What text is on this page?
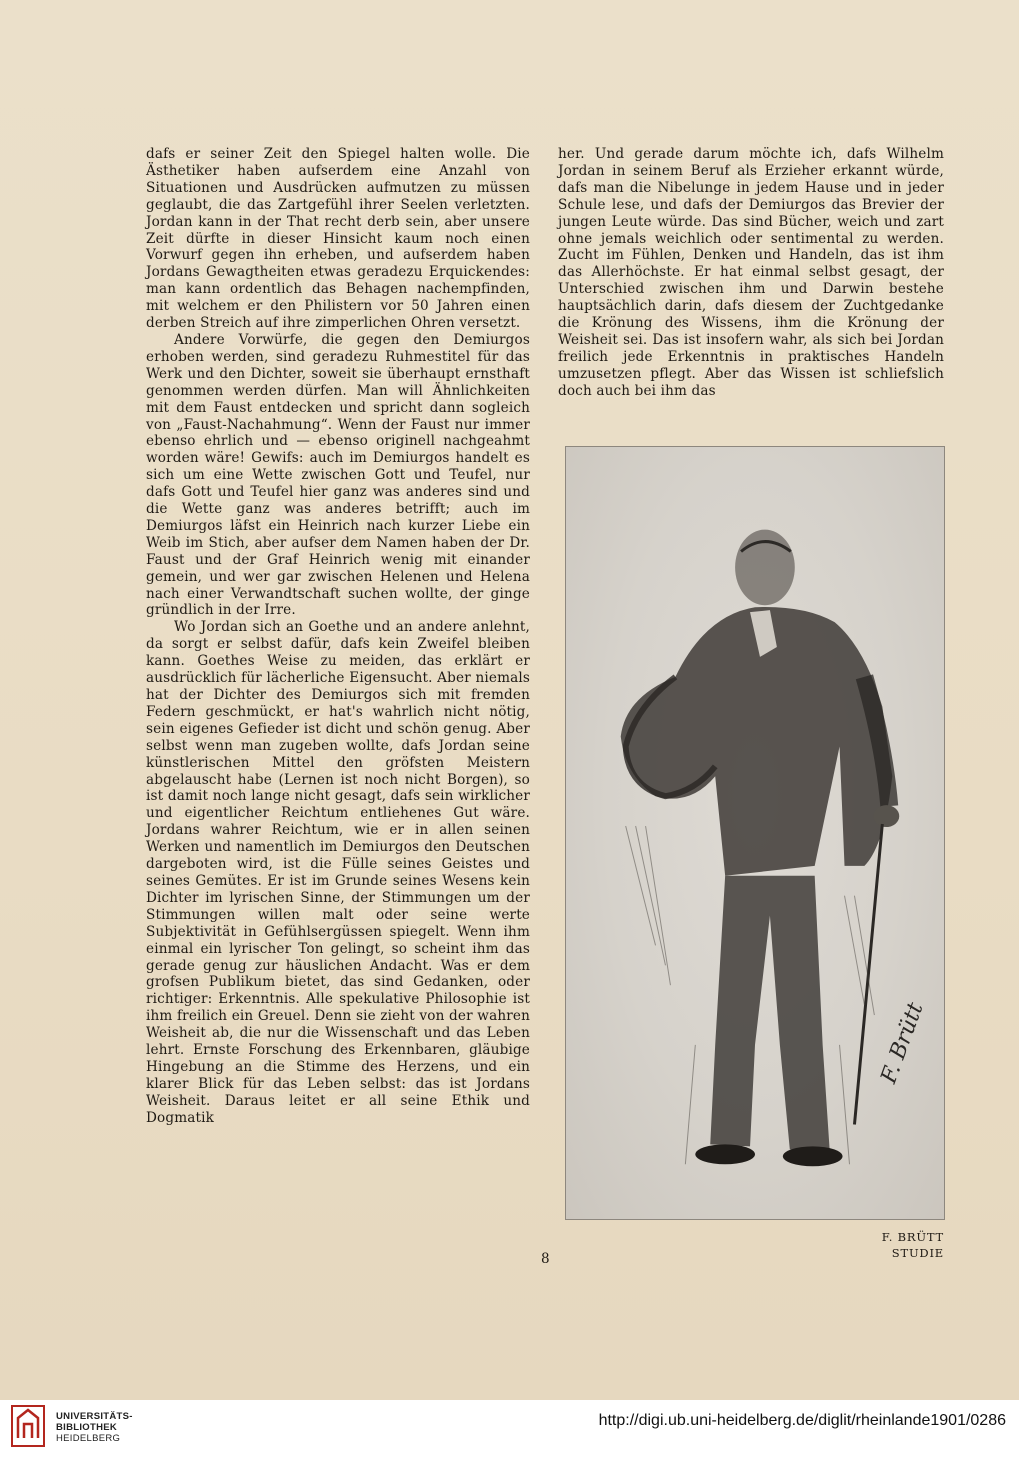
dafs er seiner Zeit den Spiegel halten wolle. Die Ästhetiker haben aufserdem eine Anzahl von Situationen und Ausdrücken aufmutzen zu müssen geglaubt, die das Zartgefühl ihrer Seelen verletzten. Jordan kann in der That recht derb sein, aber unsere Zeit dürfte in dieser Hinsicht kaum noch einen Vorwurf gegen ihn erheben, und aufserdem haben Jordans Gewagtheiten etwas geradezu Erquickendes: man kann ordentlich das Behagen nachempfinden, mit welchem er den Philistern vor 50 Jahren einen derben Streich auf ihre zimperlichen Ohren versetzt.

Andere Vorwürfe, die gegen den Demiurgos erhoben werden, sind geradezu Ruhmestitel für das Werk und den Dichter, soweit sie überhaupt ernsthaft genommen werden dürfen. Man will Ähnlichkeiten mit dem Faust entdecken und spricht dann sogleich von „Faust-Nachahmung“. Wenn der Faust nur immer ebenso ehrlich und — ebenso originell nachgeahmt worden wäre! Gewifs: auch im Demiurgos handelt es sich um eine Wette zwischen Gott und Teufel, nur dafs Gott und Teufel hier ganz was anderes sind und die Wette ganz was anderes betrifft; auch im Demiurgos läfst ein Heinrich nach kurzer Liebe ein Weib im Stich, aber aufser dem Namen haben der Dr. Faust und der Graf Heinrich wenig mit einander gemein, und wer gar zwischen Helenen und Helena nach einer Verwandtschaft suchen wollte, der ginge gründlich in der Irre.

Wo Jordan sich an Goethe und an andere anlehnt, da sorgt er selbst dafür, dafs kein Zweifel bleiben kann. Goethes Weise zu meiden, das erklärt er ausdrücklich für lächerliche Eigensucht. Aber niemals hat der Dichter des Demiurgos sich mit fremden Federn geschmückt, er hat's wahrlich nicht nötig, sein eigenes Gefieder ist dicht und schön genug. Aber selbst wenn man zugeben wollte, dafs Jordan seine künstlerischen Mittel den gröfsten Meistern abgelauscht habe (Lernen ist noch nicht Borgen), so ist damit noch lange nicht gesagt, dafs sein wirklicher und eigentlicher Reichtum entliehenes Gut wäre. Jordans wahrer Reichtum, wie er in allen seinen Werken und namentlich im Demiurgos den Deutschen dargeboten wird, ist die Fülle seines Geistes und seines Gemütes. Er ist im Grunde seines Wesens kein Dichter im lyrischen Sinne, der Stimmungen um der Stimmungen willen malt oder seine werte Subjektivität in Gefühlsergüssen spiegelt. Wenn ihm einmal ein lyrischer Ton gelingt, so scheint ihm das gerade genug zur häuslichen Andacht. Was er dem grofsen Publikum bietet, das sind Gedanken, oder richtiger: Erkenntnis. Alle spekulative Philosophie ist ihm freilich ein Greuel. Denn sie zieht von der wahren Weisheit ab, die nur die Wissenschaft und das Leben lehrt. Ernste Forschung des Erkennbaren, gläubige Hingebung an die Stimme des Herzens, und ein klarer Blick für das Leben selbst: das ist Jordans Weisheit. Daraus leitet er all seine Ethik und Dogmatik

her. Und gerade darum möchte ich, dafs Wilhelm Jordan in seinem Beruf als Erzieher erkannt würde, dafs man die Nibelunge in jedem Hause und in jeder Schule lese, und dafs der Demiurgos das Brevier der jungen Leute würde. Das sind Bücher, weich und zart ohne jemals weichlich oder sentimental zu werden. Zucht im Fühlen, Denken und Handeln, das ist ihm das Allerhöchste. Er hat einmal selbst gesagt, der Unterschied zwischen ihm und Darwin bestehe hauptsächlich darin, dafs diesem der Zuchtgedanke die Krönung des Wissens, ihm die Krönung der Weisheit sei. Das ist insofern wahr, als sich bei Jordan freilich jede Erkenntnis in praktisches Handeln umzusetzen pflegt. Aber das Wissen ist schliefslich doch auch bei ihm das

F. Brütt
F. BRÜTT
STUDIE
8
UNIVERSITÄTS-
BIBLIOTHEK
HEIDELBERG
http://digi.ub.uni-heidelberg.de/diglit/rheinlande1901/0286
